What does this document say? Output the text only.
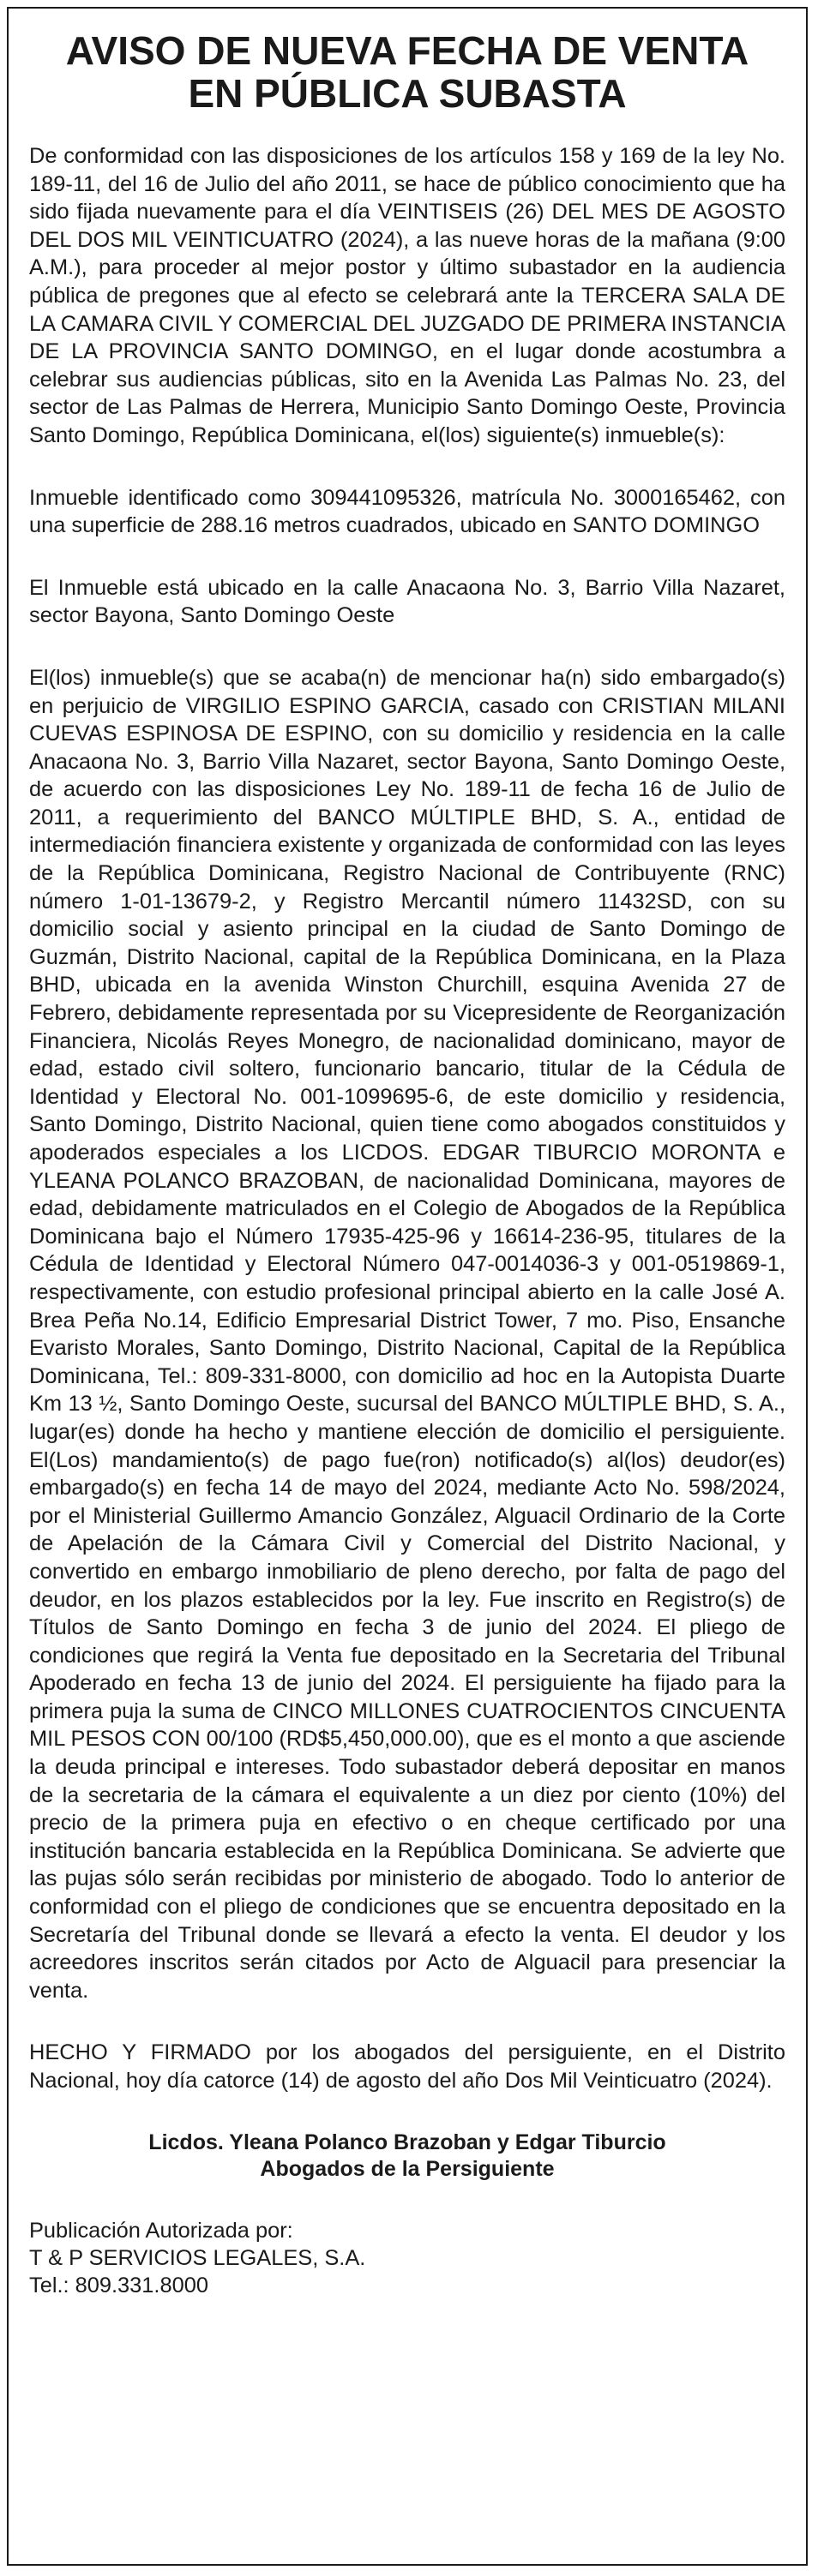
AVISO DE NUEVA FECHA DE VENTA
EN PÚBLICA SUBASTA

De conformidad con las disposiciones de los artículos 158 y 169 de la ley No. 189-11, del 16 de Julio del año 2011, se hace de público conocimiento que ha sido fijada nuevamente para el día VEINTISEIS (26) DEL MES DE AGOSTO DEL DOS MIL VEINTICUATRO (2024), a las nueve horas de la mañana (9:00 A.M.), para proceder al mejor postor y último subastador en la audiencia pública de pregones que al efecto se celebrará ante la TERCERA SALA DE LA CAMARA CIVIL Y COMERCIAL DEL JUZGADO DE PRIMERA INSTANCIA DE LA PROVINCIA SANTO DOMINGO, en el lugar donde acostumbra a celebrar sus audiencias públicas, sito en la Avenida Las Palmas No. 23, del sector de Las Palmas de Herrera, Municipio Santo Domingo Oeste, Provincia Santo Domingo, República Dominicana, el(los) siguiente(s) inmueble(s):

Inmueble identificado como 309441095326, matrícula No. 3000165462, con una superficie de 288.16 metros cuadrados, ubicado en SANTO DOMINGO

El Inmueble está ubicado en la calle Anacaona No. 3, Barrio Villa Nazaret, sector Bayona, Santo Domingo Oeste

El(los) inmueble(s) que se acaba(n) de mencionar ha(n) sido embargado(s) en perjuicio de VIRGILIO ESPINO GARCIA, casado con CRISTIAN MILANI CUEVAS ESPINOSA DE ESPINO, con su domicilio y residencia en la calle Anacaona No. 3, Barrio Villa Nazaret, sector Bayona, Santo Domingo Oeste, de acuerdo con las disposiciones Ley No. 189-11 de fecha 16 de Julio de 2011, a requerimiento del BANCO MÚLTIPLE BHD, S. A., entidad de intermediación financiera existente y organizada de conformidad con las leyes de la República Dominicana, Registro Nacional de Contribuyente (RNC) número 1-01-13679-2, y Registro Mercantil número 11432SD, con su domicilio social y asiento principal en la ciudad de Santo Domingo de Guzmán, Distrito Nacional, capital de la República Dominicana, en la Plaza BHD, ubicada en la avenida Winston Churchill, esquina Avenida 27 de Febrero, debidamente representada por su Vicepresidente de Reorganización Financiera, Nicolás Reyes Monegro, de nacionalidad dominicano, mayor de edad, estado civil soltero, funcionario bancario, titular de la Cédula de Identidad y Electoral No. 001-1099695-6, de este domicilio y residencia, Santo Domingo, Distrito Nacional, quien tiene como abogados constituidos y apoderados especiales a los LICDOS. EDGAR TIBURCIO MORONTA e YLEANA POLANCO BRAZOBAN, de nacionalidad Dominicana, mayores de edad, debidamente matriculados en el Colegio de Abogados de la República Dominicana bajo el Número 17935-425-96 y 16614-236-95, titulares de la Cédula de Identidad y Electoral Número 047-0014036-3 y 001-0519869-1, respectivamente, con estudio profesional principal abierto en la calle José A. Brea Peña No.14, Edificio Empresarial District Tower, 7 mo. Piso, Ensanche Evaristo Morales, Santo Domingo, Distrito Nacional, Capital de la República Dominicana, Tel.: 809-331-8000, con domicilio ad hoc en la Autopista Duarte Km 13 ½, Santo Domingo Oeste, sucursal del BANCO MÚLTIPLE BHD, S. A., lugar(es) donde ha hecho y mantiene elección de domicilio el persiguiente. El(Los) mandamiento(s) de pago fue(ron) notificado(s) al(los) deudor(es) embargado(s) en fecha 14 de mayo del 2024, mediante Acto No. 598/2024, por el Ministerial Guillermo Amancio González, Alguacil Ordinario de la Corte de Apelación de la Cámara Civil y Comercial del Distrito Nacional, y convertido en embargo inmobiliario de pleno derecho, por falta de pago del deudor, en los plazos establecidos por la ley. Fue inscrito en Registro(s) de Títulos de Santo Domingo en fecha 3 de junio del 2024. El pliego de condiciones que regirá la Venta fue depositado en la Secretaria del Tribunal Apoderado en fecha 13 de junio del 2024. El persiguiente ha fijado para la primera puja la suma de CINCO MILLONES CUATROCIENTOS CINCUENTA MIL PESOS CON 00/100 (RD$5,450,000.00), que es el monto a que asciende la deuda principal e intereses. Todo subastador deberá depositar en manos de la secretaria de la cámara el equivalente a un diez por ciento (10%) del precio de la primera puja en efectivo o en cheque certificado por una institución bancaria establecida en la República Dominicana. Se advierte que las pujas sólo serán recibidas por ministerio de abogado. Todo lo anterior de conformidad con el pliego de condiciones que se encuentra depositado en la Secretaría del Tribunal donde se llevará a efecto la venta. El deudor y los acreedores inscritos serán citados por Acto de Alguacil para presenciar la venta.

HECHO Y FIRMADO por los abogados del persiguiente, en el Distrito Nacional, hoy día catorce (14) de agosto del año Dos Mil Veinticuatro (2024).

Licdos. Yleana Polanco Brazoban y Edgar Tiburcio
Abogados de la Persiguiente
Publicación Autorizada por:
T & P SERVICIOS LEGALES, S.A.
Tel.: 809.331.8000
